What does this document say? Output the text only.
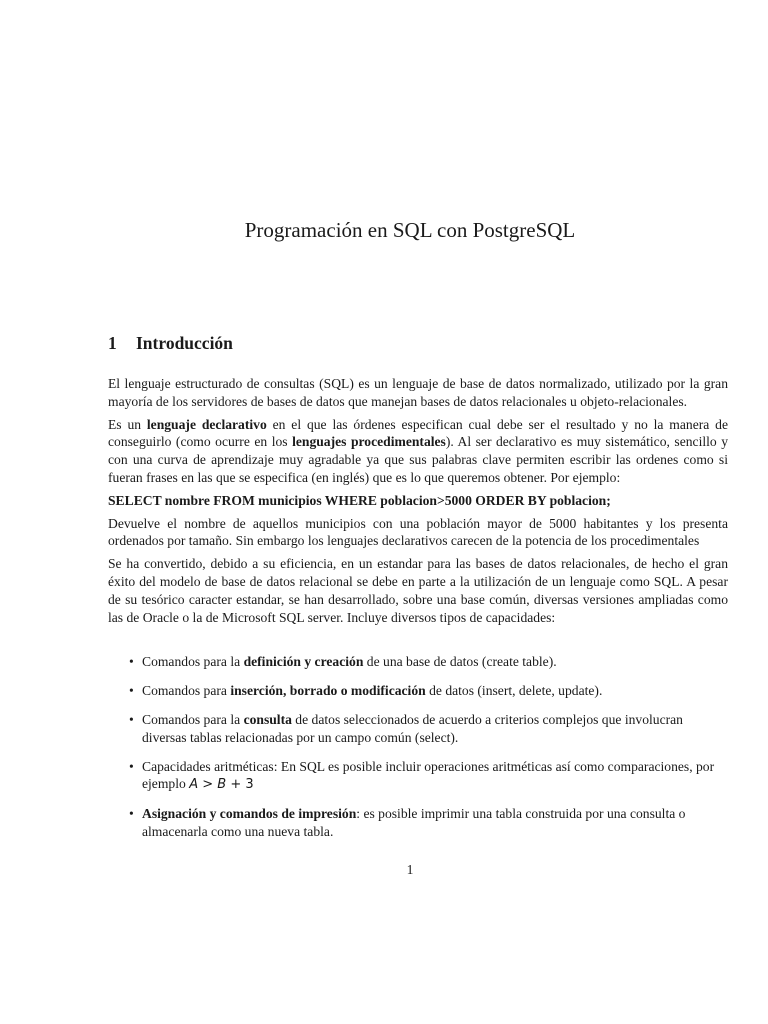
Programación en SQL con PostgreSQL
1 Introducción

El lenguaje estructurado de consultas (SQL) es un lenguaje de base de datos normalizado, utilizado por la gran mayoría de los servidores de bases de datos que manejan bases de datos relacionales u objeto-relacionales.

Es un lenguaje declarativo en el que las órdenes especifican cual debe ser el resultado y no la manera de conseguirlo (como ocurre en los lenguajes procedimentales). Al ser declarativo es muy sistemático, sencillo y con una curva de aprendizaje muy agradable ya que sus palabras clave permiten escribir las ordenes como si fueran frases en las que se especifica (en inglés) que es lo que queremos obtener. Por ejemplo:

SELECT nombre FROM municipios WHERE poblacion>5000 ORDER BY poblacion;

Devuelve el nombre de aquellos municipios con una población mayor de 5000 habitantes y los presenta ordenados por tamaño. Sin embargo los lenguajes declarativos carecen de la potencia de los procedimentales

Se ha convertido, debido a su eficiencia, en un estandar para las bases de datos relacionales, de hecho el gran éxito del modelo de base de datos relacional se debe en parte a la utilización de un lenguaje como SQL. A pesar de su tesórico caracter estandar, se han desarrollado, sobre una base común, diversas versiones ampliadas como las de Oracle o la de Microsoft SQL server. Incluye diversos tipos de capacidades:

• Comandos para la definición y creación de una base de datos (create table).
• Comandos para inserción, borrado o modificación de datos (insert, delete, update).
• Comandos para la consulta de datos seleccionados de acuerdo a criterios complejos que involucran diversas tablas relacionadas por un campo común (select).
• Capacidades aritméticas: En SQL es posible incluir operaciones aritméticas así como comparaciones, por ejemplo A > B + 3
• Asignación y comandos de impresión: es posible imprimir una tabla construida por una consulta o almacenarla como una nueva tabla.

1
